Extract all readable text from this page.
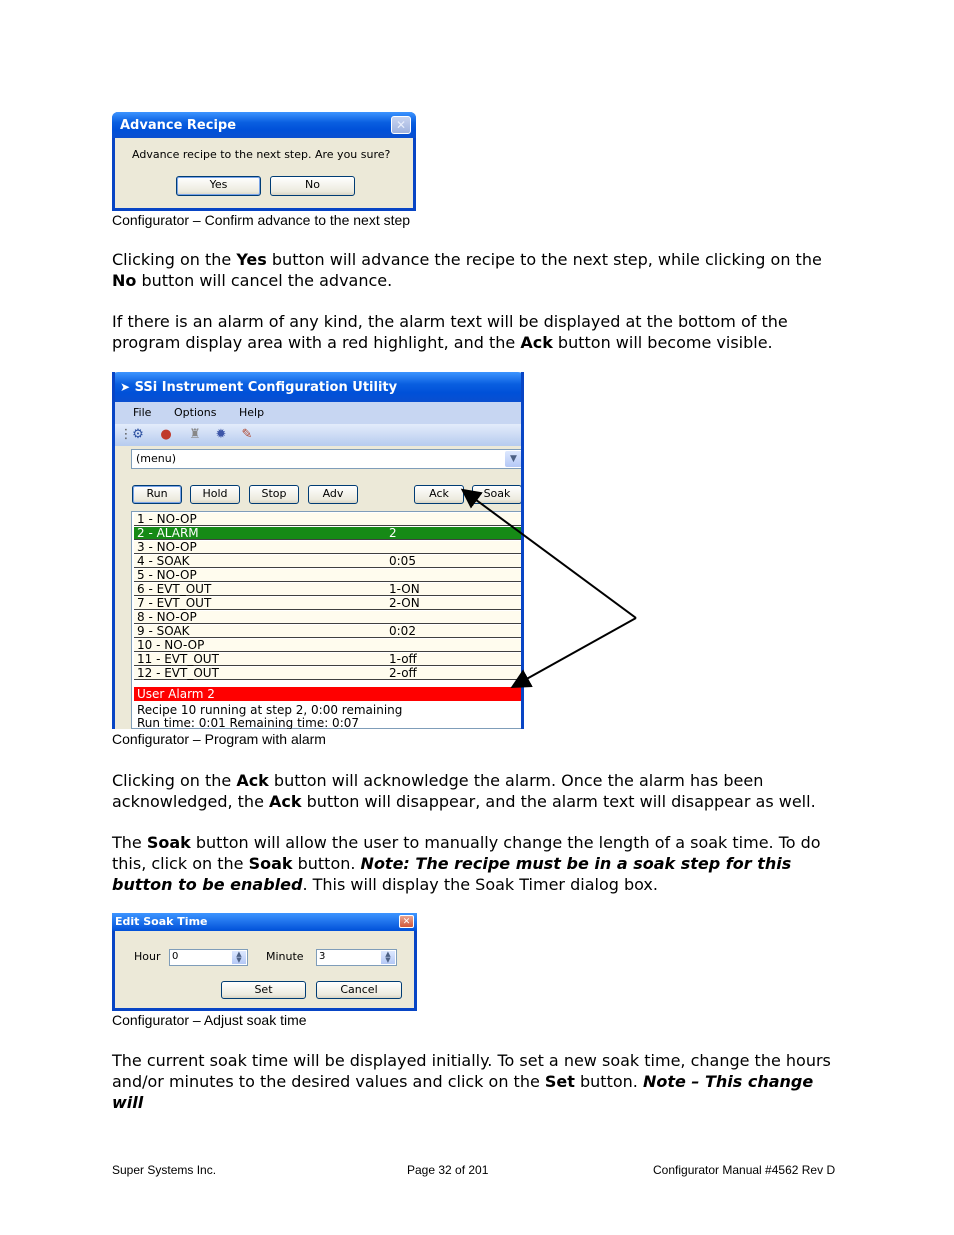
Advance Recipe	✕
Advance recipe to the next step. Are you sure?
Yes	No
Configurator – Confirm advance to the next step
Clicking on the Yes button will advance the recipe to the next step, while clicking on the No button will cancel the advance.
If there is an alarm of any kind, the alarm text will be displayed at the bottom of the program display area with a red highlight, and the Ack button will become visible.
➤ SSi Instrument Configuration Utility
File Options Help
⋮ ⚙ ● ♜ ✹ ✎
(menu)	▼
Run	Hold	Stop	Adv	Ack	Soak
1 - NO-OP
2 - ALARM	2
3 - NO-OP
4 - SOAK	0:05
5 - NO-OP
6 - EVT_OUT	1-ON
7 - EVT_OUT	2-ON
8 - NO-OP
9 - SOAK	0:02
10 - NO-OP
11 - EVT_OUT	1-off
12 - EVT_OUT	2-off
User Alarm 2
Recipe 10 running at step 2, 0:00 remaining
Run time: 0:01 Remaining time: 0:07
Configurator – Program with alarm
Clicking on the Ack button will acknowledge the alarm. Once the alarm has been acknowledged, the Ack button will disappear, and the alarm text will disappear as well.
The Soak button will allow the user to manually change the length of a soak time. To do this, click on the Soak button. Note: The recipe must be in a soak step for this button to be enabled. This will display the Soak Timer dialog box.
Edit Soak Time	✕
Hour	0	▲
▼	Minute	3	▲
▼
Set	Cancel
Configurator – Adjust soak time
The current soak time will be displayed initially. To set a new soak time, change the hours and/or minutes to the desired values and click on the Set button. Note – This change will
Super Systems Inc.	Page 32 of 201	Configurator Manual #4562 Rev D
